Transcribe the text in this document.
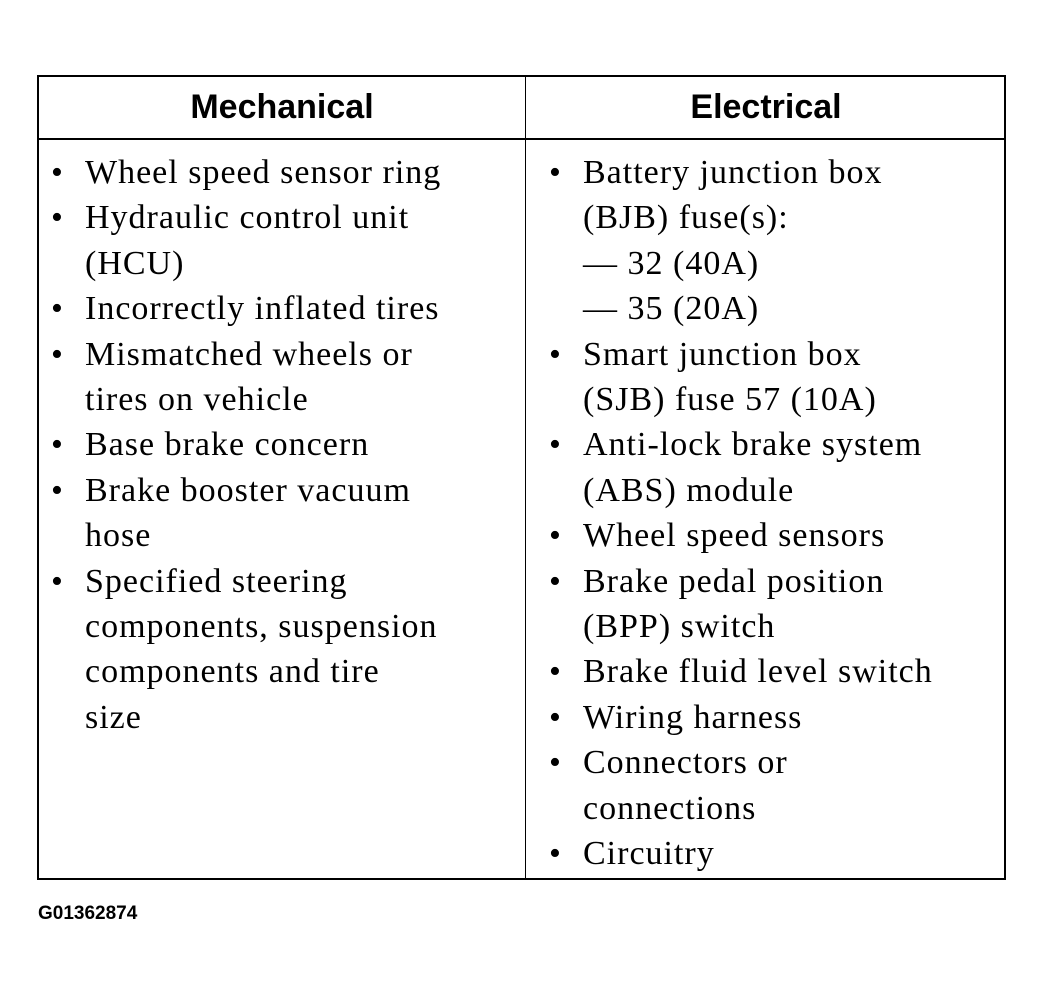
Mechanical	Electrical
• Wheel speed sensor ring
• Hydraulic control unit
(HCU)
• Incorrectly inflated tires
• Mismatched wheels or
tires on vehicle
• Base brake concern
• Brake booster vacuum
hose
• Specified steering
components, suspension
components and tire
size
• Battery junction box
(BJB) fuse(s):
— 32 (40A)
— 35 (20A)
• Smart junction box
(SJB) fuse 57 (10A)
• Anti-lock brake system
(ABS) module
• Wheel speed sensors
• Brake pedal position
(BPP) switch
• Brake fluid level switch
• Wiring harness
• Connectors or
connections
• Circuitry
G01362874
